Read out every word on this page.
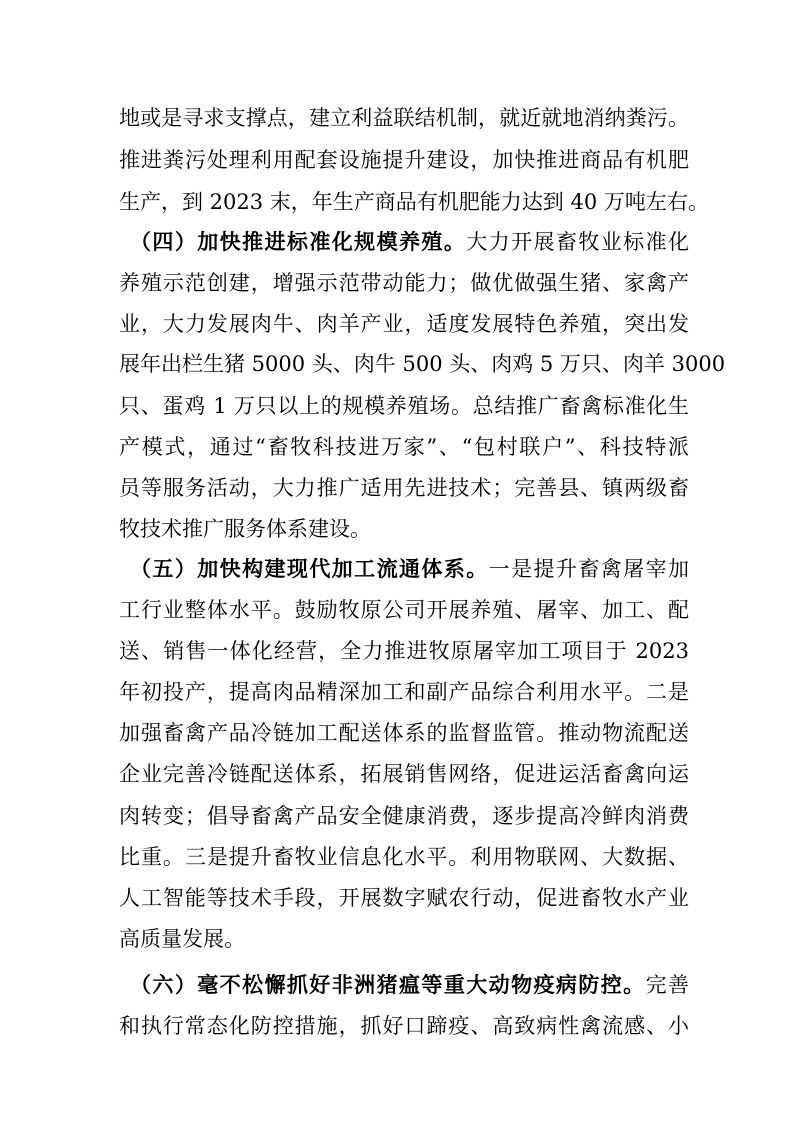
地或是寻求支撑点，建立利益联结机制，就近就地消纳粪污。
推进粪污处理利用配套设施提升建设，加快推进商品有机肥
生产，到 2023 末，年生产商品有机肥能力达到 40 万吨左右。
（四）加快推进标准化规模养殖。大力开展畜牧业标准化
养殖示范创建，增强示范带动能力；做优做强生猪、家禽产
业，大力发展肉牛、肉羊产业，适度发展特色养殖，突出发
展年出栏生猪 5000 头、肉牛 500 头、肉鸡 5 万只、肉羊 3000
只、蛋鸡 1 万只以上的规模养殖场。总结推广畜禽标准化生
产模式，通过“畜牧科技进万家”、“包村联户”、科技特派
员等服务活动，大力推广适用先进技术；完善县、镇两级畜
牧技术推广服务体系建设。
（五）加快构建现代加工流通体系。一是提升畜禽屠宰加
工行业整体水平。鼓励牧原公司开展养殖、屠宰、加工、配
送、销售一体化经营，全力推进牧原屠宰加工项目于 2023
年初投产，提高肉品精深加工和副产品综合利用水平。二是
加强畜禽产品冷链加工配送体系的监督监管。推动物流配送
企业完善冷链配送体系，拓展销售网络，促进运活畜禽向运
肉转变；倡导畜禽产品安全健康消费，逐步提高冷鲜肉消费
比重。三是提升畜牧业信息化水平。利用物联网、大数据、
人工智能等技术手段，开展数字赋农行动，促进畜牧水产业
高质量发展。
（六）毫不松懈抓好非洲猪瘟等重大动物疫病防控。完善
和执行常态化防控措施，抓好口蹄疫、高致病性禽流感、小
